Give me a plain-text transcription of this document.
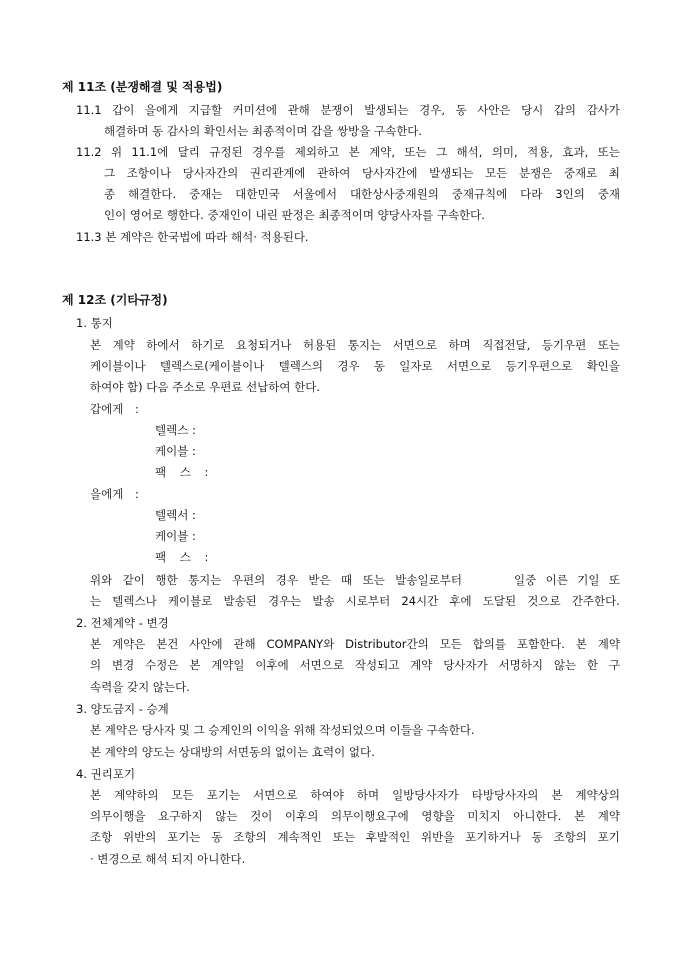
제 11조 (분쟁해결 및 적용법)
11.1 갑이 을에게 지급할 커미션에 관해 분쟁이 발생되는 경우, 동 사안은 당시 갑의 감사가
해결하며 동 감사의 확인서는 최종적이며 갑을 쌍방을 구속한다.
11.2 위 11.1에 달리 규정된 경우를 제외하고 본 계약, 또는 그 해석, 의미, 적용, 효과, 또는
그 조항이나 당사자간의 권리관계에 관하여 당사자간에 발생되는 모든 분쟁은 중재로 최
종 해결한다. 중재는 대한민국 서울에서 대한상사중재원의 중재규칙에 다라 3인의 중재
인이 영어로 행한다. 중재인이 내린 판정은 최종적이며 양당사자를 구속한다.
11.3 본 계약은 한국법에 따라 해석· 적용된다.
제 12조 (기타규정)
1. 통지
본 계약 하에서 하기로 요청되거나 허용된 통지는 서면으로 하며 직접전달, 등기우편 또는
케이블이나 텔렉스로(케이블이나 텔렉스의 경우 동 일자로 서면으로 등기우편으로 확인을
하여야 함) 다음 주소로 우편료 선납하여 한다.
갑에게 :
텔렉스 :
케이블 :
팩 스 :
을에게 :
텔렉서 :
케이블 :
팩 스 :
위와 같이 행한 통지는 우편의 경우 받은 때 또는 발송일로부터	일중 이른 기일 또
는 텔렉스나 케이블로 발송된 경우는 발송 시로부터 24시간 후에 도달된 것으로 간주한다.
2. 전체계약 - 변경
본 계약은 본건 사안에 관해 COMPANY와 Distributor간의 모든 합의를 포함한다. 본 계약
의 변경 수정은 본 계약일 이후에 서면으로 작성되고 계약 당사자가 서명하지 않는 한 구
속력을 갖지 않는다.
3. 양도금지 - 승계
본 계약은 당사자 및 그 승계인의 이익을 위해 작성되었으며 이들을 구속한다.
본 계약의 양도는 상대방의 서면동의 없이는 효력이 없다.
4. 권리포기
본 계약하의 모든 포기는 서면으로 하여야 하며 일방당사자가 타방당사자의 본 계약상의
의무이행을 요구하지 않는 것이 이후의 의무이행요구에 영향을 미치지 아니한다. 본 계약
조항 위반의 포기는 동 조항의 계속적인 또는 후발적인 위반을 포기하거나 동 조항의 포기
· 변경으로 해석 되지 아니한다.
